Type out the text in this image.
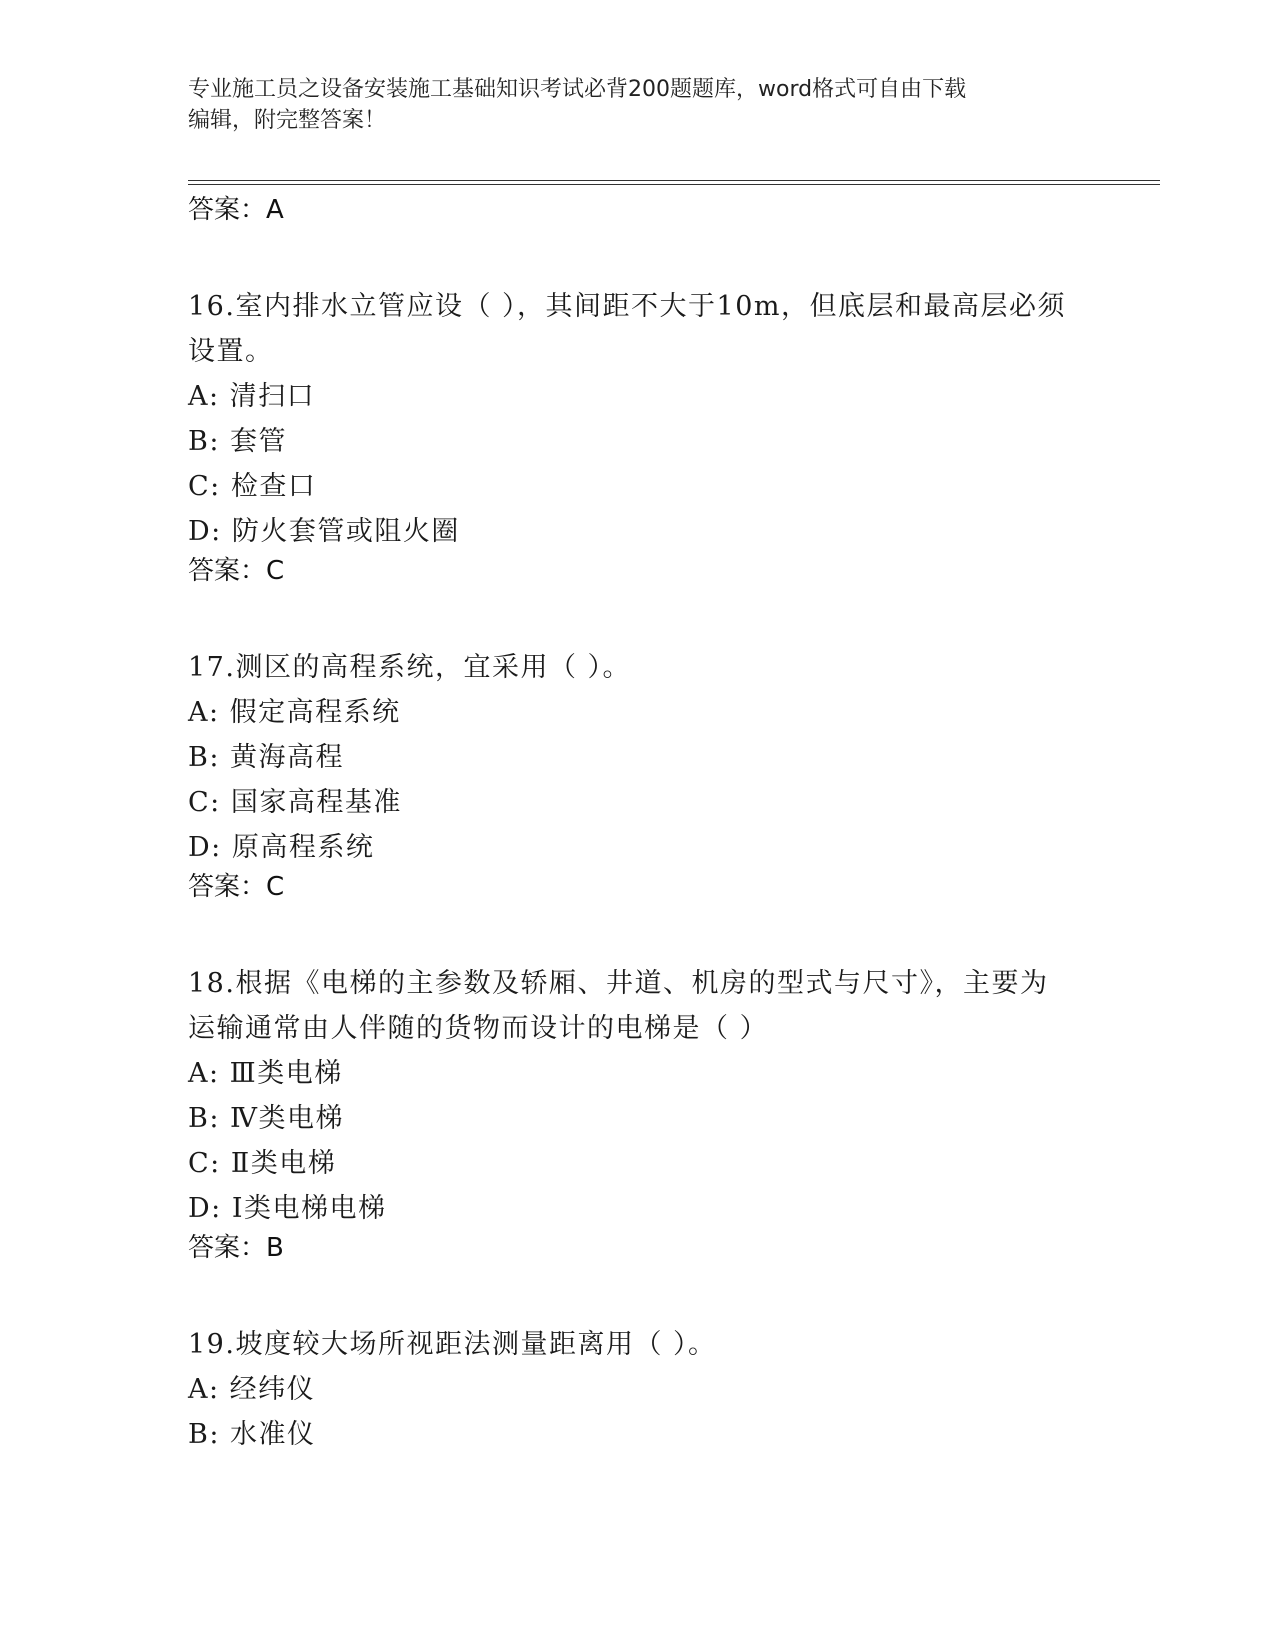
专业施工员之设备安装施工基础知识考试必背200题题库，word格式可自由下载
编辑，附完整答案！
答案：A
16.室内排水立管应设（ ），其间距不大于10m，但底层和最高层必须
设置。
A: 清扫口
B: 套管
C: 检查口
D: 防火套管或阻火圈
答案：C
17.测区的高程系统，宜采用（ ）。
A: 假定高程系统
B: 黄海高程
C: 国家高程基准
D: 原高程系统
答案：C
18.根据《电梯的主参数及轿厢、井道、机房的型式与尺寸》，主要为
运输通常由人伴随的货物而设计的电梯是（ ）
A: Ⅲ类电梯
B: Ⅳ类电梯
C: Ⅱ类电梯
D: Ⅰ类电梯电梯
答案：B
19.坡度较大场所视距法测量距离用（ ）。
A: 经纬仪
B: 水准仪
